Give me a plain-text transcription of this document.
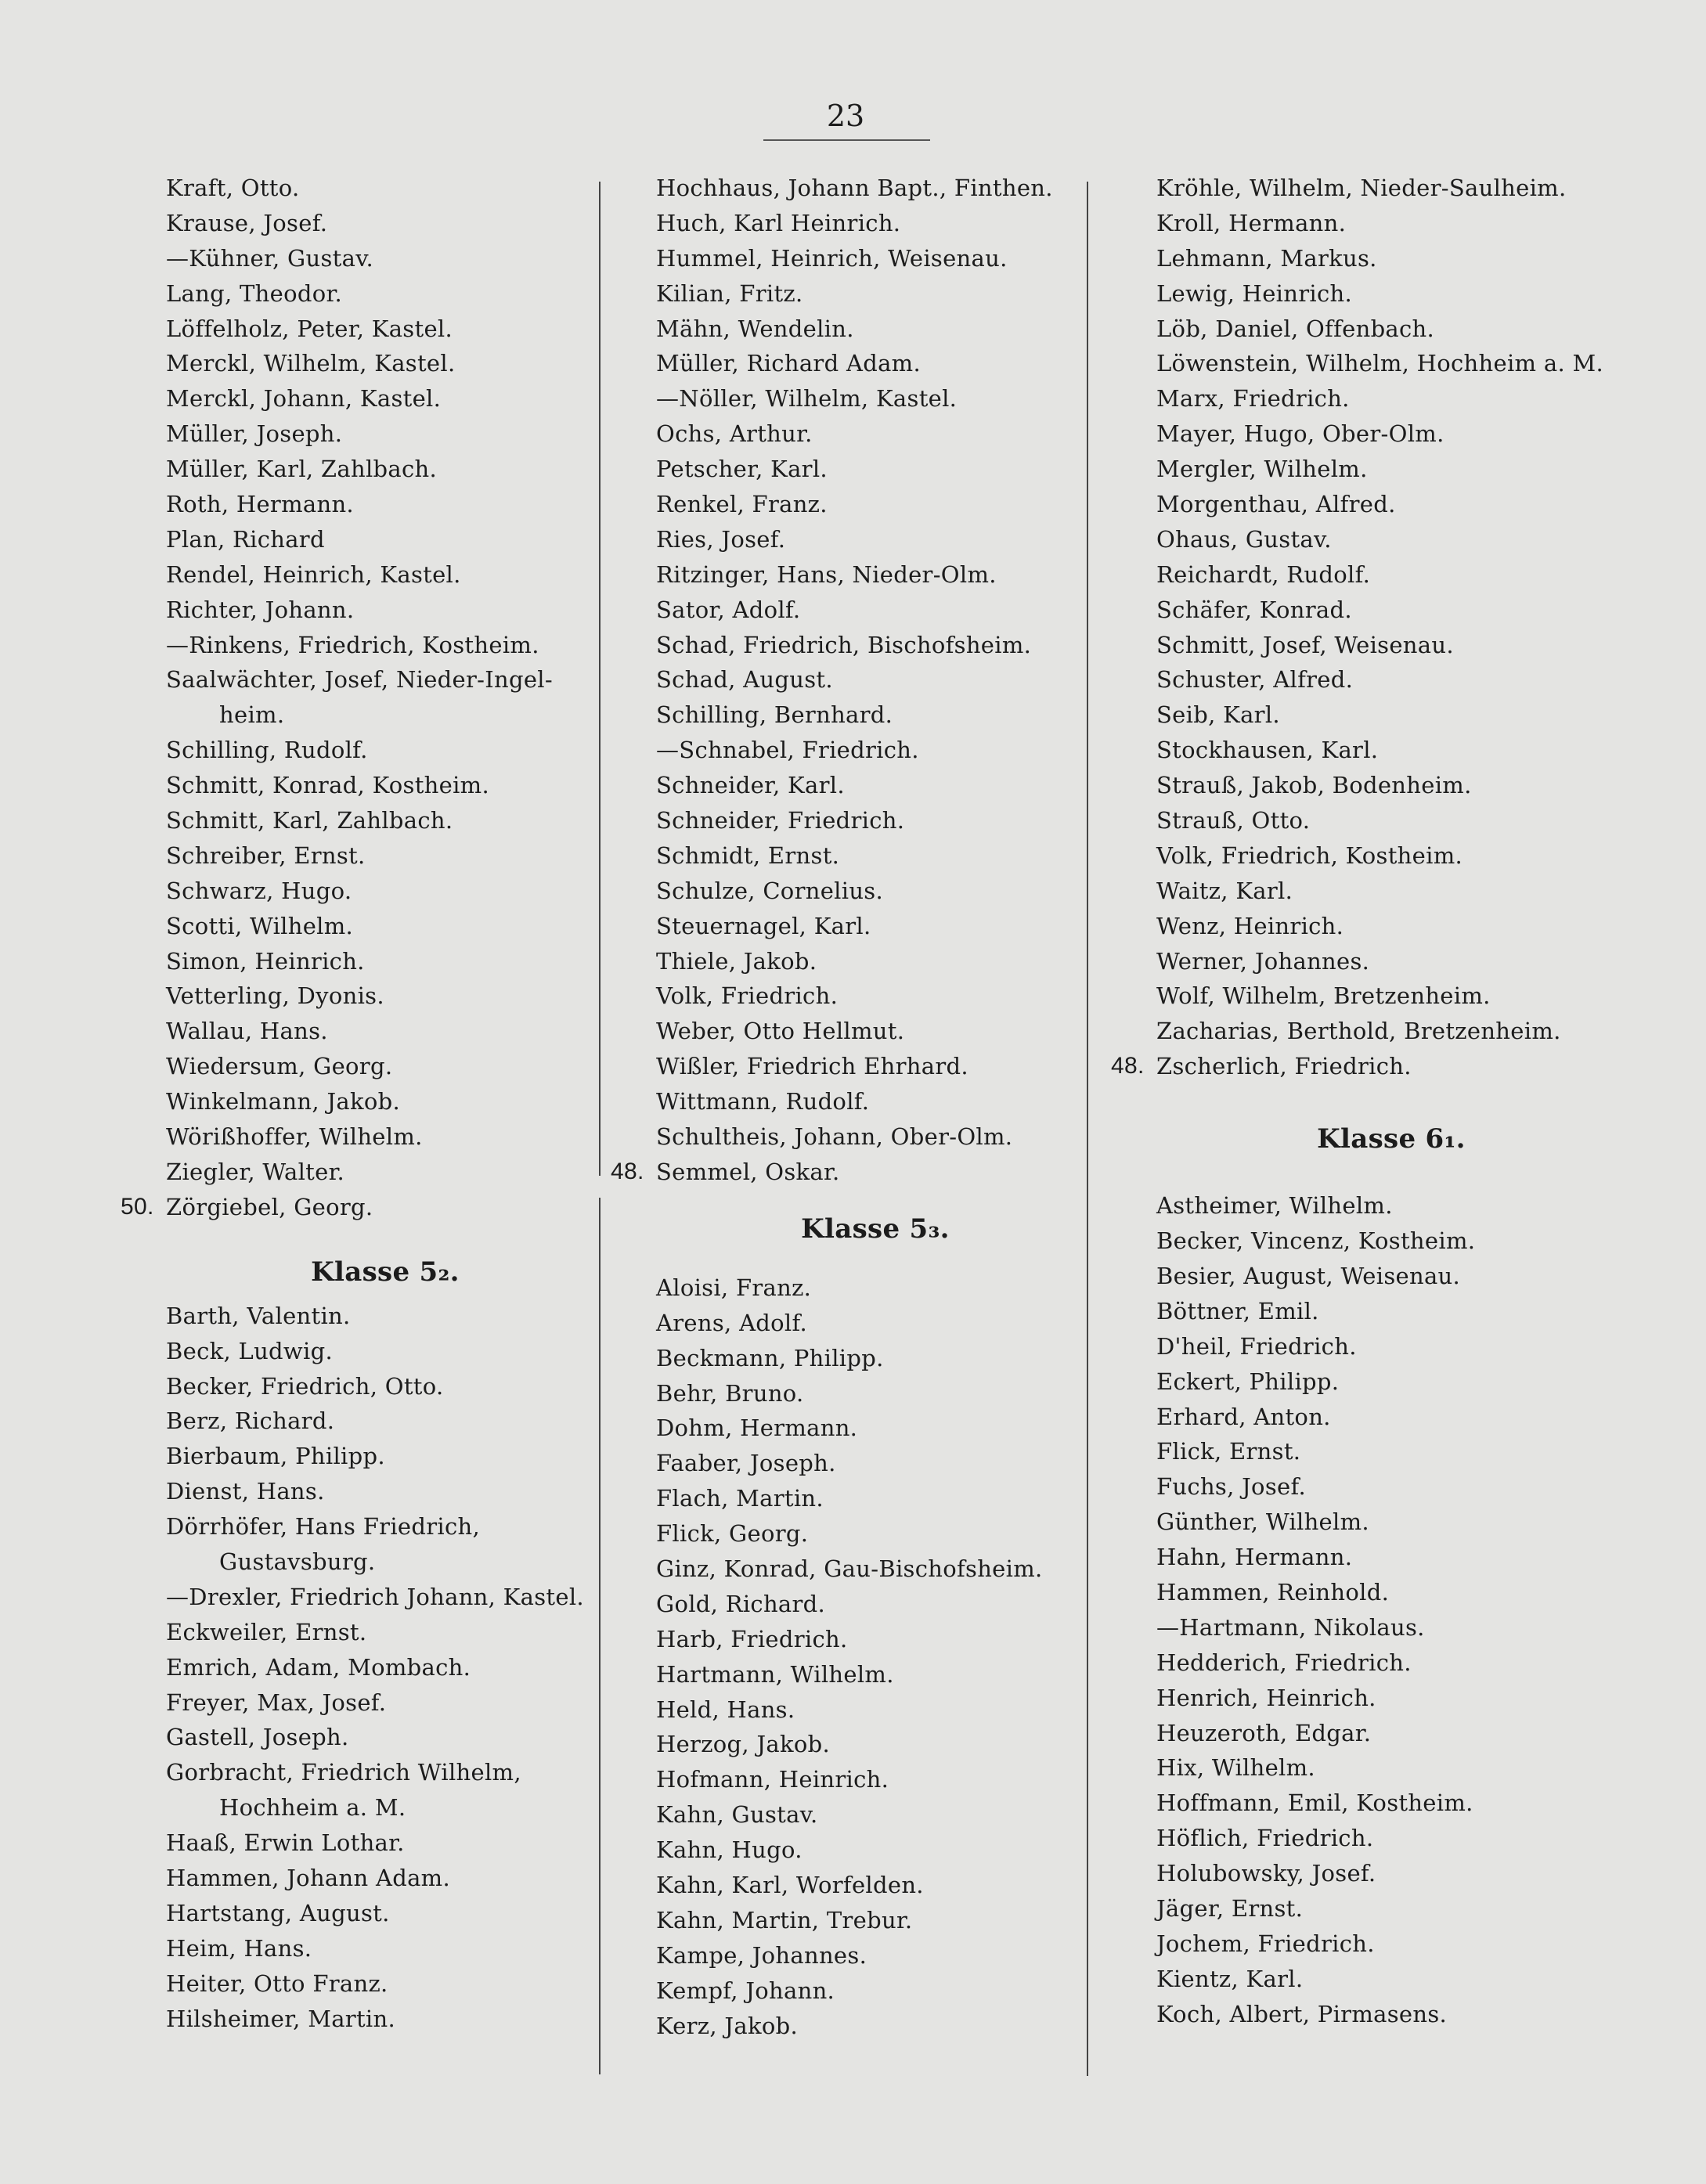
23
Kraft, Otto.
Krause, Josef.
—Kühner, Gustav.
Lang, Theodor.
Löffelholz, Peter, Kastel.
Merckl, Wilhelm, Kastel.
Merckl, Johann, Kastel.
Müller, Joseph.
Müller, Karl, Zahlbach.
Roth, Hermann.
Plan, Richard
Rendel, Heinrich, Kastel.
Richter, Johann.
—Rinkens, Friedrich, Kostheim.
Saalwächter, Josef, Nieder-Ingel-
heim.
Schilling, Rudolf.
Schmitt, Konrad, Kostheim.
Schmitt, Karl, Zahlbach.
Schreiber, Ernst.
Schwarz, Hugo.
Scotti, Wilhelm.
Simon, Heinrich.
Vetterling, Dyonis.
Wallau, Hans.
Wiedersum, Georg.
Winkelmann, Jakob.
Wörißhoffer, Wilhelm.
Ziegler, Walter.
50. Zörgiebel, Georg.
Klasse 5₂.
Barth, Valentin.
Beck, Ludwig.
Becker, Friedrich, Otto.
Berz, Richard.
Bierbaum, Philipp.
Dienst, Hans.
Dörrhöfer, Hans Friedrich,
Gustavsburg.
—Drexler, Friedrich Johann, Kastel.
Eckweiler, Ernst.
Emrich, Adam, Mombach.
Freyer, Max, Josef.
Gastell, Joseph.
Gorbracht, Friedrich Wilhelm,
Hochheim a. M.
Haaß, Erwin Lothar.
Hammen, Johann Adam.
Hartstang, August.
Heim, Hans.
Heiter, Otto Franz.
Hilsheimer, Martin.
Hochhaus, Johann Bapt., Finthen.
Huch, Karl Heinrich.
Hummel, Heinrich, Weisenau.
Kilian, Fritz.
Mähn, Wendelin.
Müller, Richard Adam.
—Nöller, Wilhelm, Kastel.
Ochs, Arthur.
Petscher, Karl.
Renkel, Franz.
Ries, Josef.
Ritzinger, Hans, Nieder-Olm.
Sator, Adolf.
Schad, Friedrich, Bischofsheim.
Schad, August.
Schilling, Bernhard.
—Schnabel, Friedrich.
Schneider, Karl.
Schneider, Friedrich.
Schmidt, Ernst.
Schulze, Cornelius.
Steuernagel, Karl.
Thiele, Jakob.
Volk, Friedrich.
Weber, Otto Hellmut.
Wißler, Friedrich Ehrhard.
Wittmann, Rudolf.
Schultheis, Johann, Ober-Olm.
48. Semmel, Oskar.
Klasse 5₃.
Aloisi, Franz.
Arens, Adolf.
Beckmann, Philipp.
Behr, Bruno.
Dohm, Hermann.
Faaber, Joseph.
Flach, Martin.
Flick, Georg.
Ginz, Konrad, Gau-Bischofsheim.
Gold, Richard.
Harb, Friedrich.
Hartmann, Wilhelm.
Held, Hans.
Herzog, Jakob.
Hofmann, Heinrich.
Kahn, Gustav.
Kahn, Hugo.
Kahn, Karl, Worfelden.
Kahn, Martin, Trebur.
Kampe, Johannes.
Kempf, Johann.
Kerz, Jakob.
Kröhle, Wilhelm, Nieder-Saulheim.
Kroll, Hermann.
Lehmann, Markus.
Lewig, Heinrich.
Löb, Daniel, Offenbach.
Löwenstein, Wilhelm, Hochheim a. M.
Marx, Friedrich.
Mayer, Hugo, Ober-Olm.
Mergler, Wilhelm.
Morgenthau, Alfred.
Ohaus, Gustav.
Reichardt, Rudolf.
Schäfer, Konrad.
Schmitt, Josef, Weisenau.
Schuster, Alfred.
Seib, Karl.
Stockhausen, Karl.
Strauß, Jakob, Bodenheim.
Strauß, Otto.
Volk, Friedrich, Kostheim.
Waitz, Karl.
Wenz, Heinrich.
Werner, Johannes.
Wolf, Wilhelm, Bretzenheim.
Zacharias, Berthold, Bretzenheim.
48. Zscherlich, Friedrich.
Klasse 6₁.
Astheimer, Wilhelm.
Becker, Vincenz, Kostheim.
Besier, August, Weisenau.
Böttner, Emil.
D'heil, Friedrich.
Eckert, Philipp.
Erhard, Anton.
Flick, Ernst.
Fuchs, Josef.
Günther, Wilhelm.
Hahn, Hermann.
Hammen, Reinhold.
—Hartmann, Nikolaus.
Hedderich, Friedrich.
Henrich, Heinrich.
Heuzeroth, Edgar.
Hix, Wilhelm.
Hoffmann, Emil, Kostheim.
Höflich, Friedrich.
Holubowsky, Josef.
Jäger, Ernst.
Jochem, Friedrich.
Kientz, Karl.
Koch, Albert, Pirmasens.
